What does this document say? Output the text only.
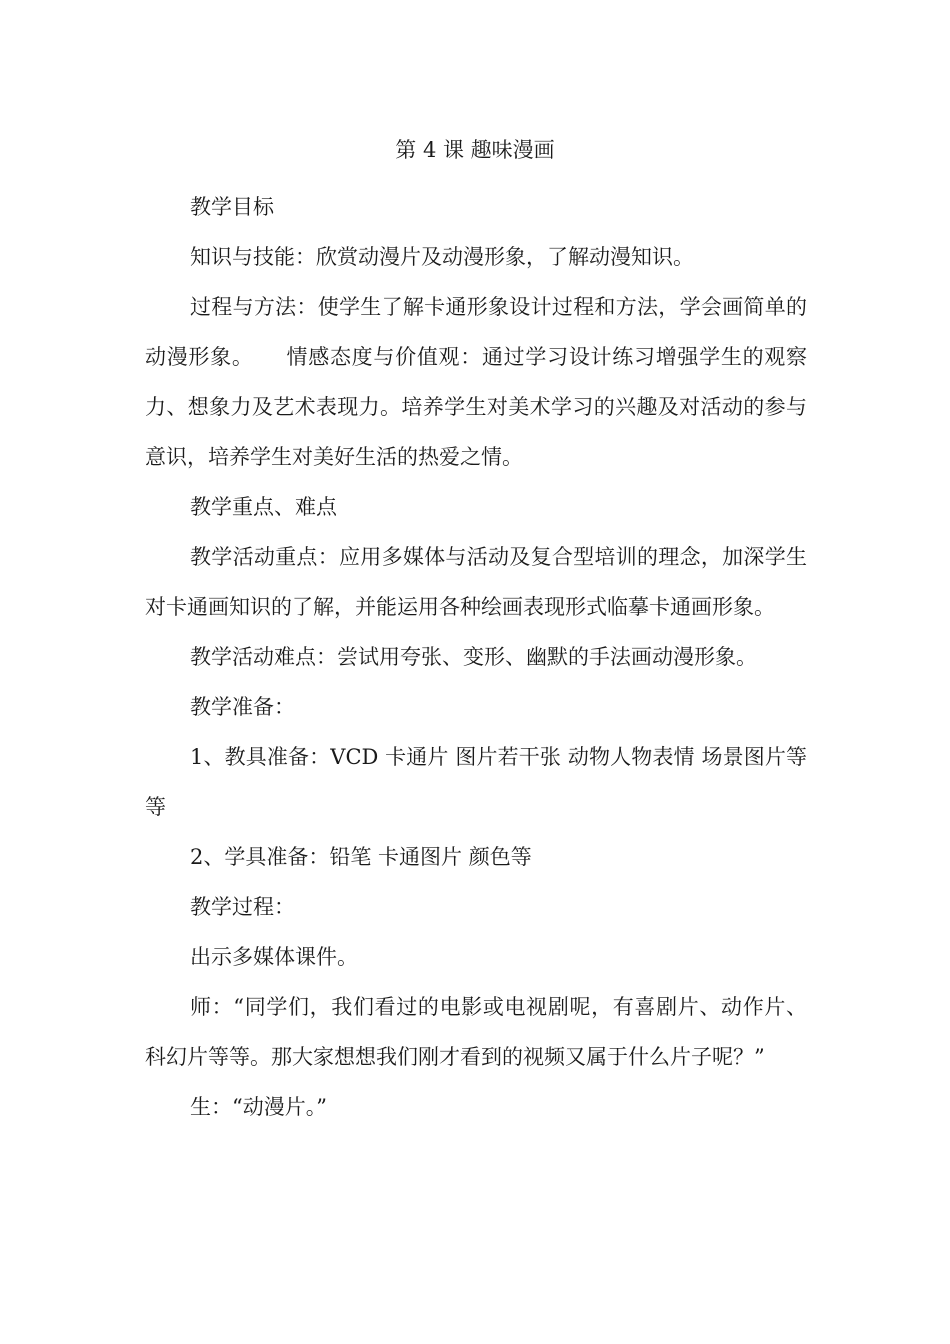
第 4 课 趣味漫画

教学目标

知识与技能：欣赏动漫片及动漫形象，了解动漫知识。

过程与方法：使学生了解卡通形象设计过程和方法，学会画简单的动漫形象。　　情感态度与价值观：通过学习设计练习增强学生的观察力、想象力及艺术表现力。培养学生对美术学习的兴趣及对活动的参与意识，培养学生对美好生活的热爱之情。

教学重点、难点

教学活动重点：应用多媒体与活动及复合型培训的理念，加深学生对卡通画知识的了解，并能运用各种绘画表现形式临摹卡通画形象。

教学活动难点：尝试用夸张、变形、幽默的手法画动漫形象。

教学准备：

1、教具准备：VCD 卡通片 图片若干张 动物人物表情 场景图片等等

2、学具准备：铅笔 卡通图片 颜色等

教学过程：

出示多媒体课件。

师：“同学们，我们看过的电影或电视剧呢，有喜剧片、动作片、科幻片等等。那大家想想我们刚才看到的视频又属于什么片子呢？”

生：“动漫片。”
